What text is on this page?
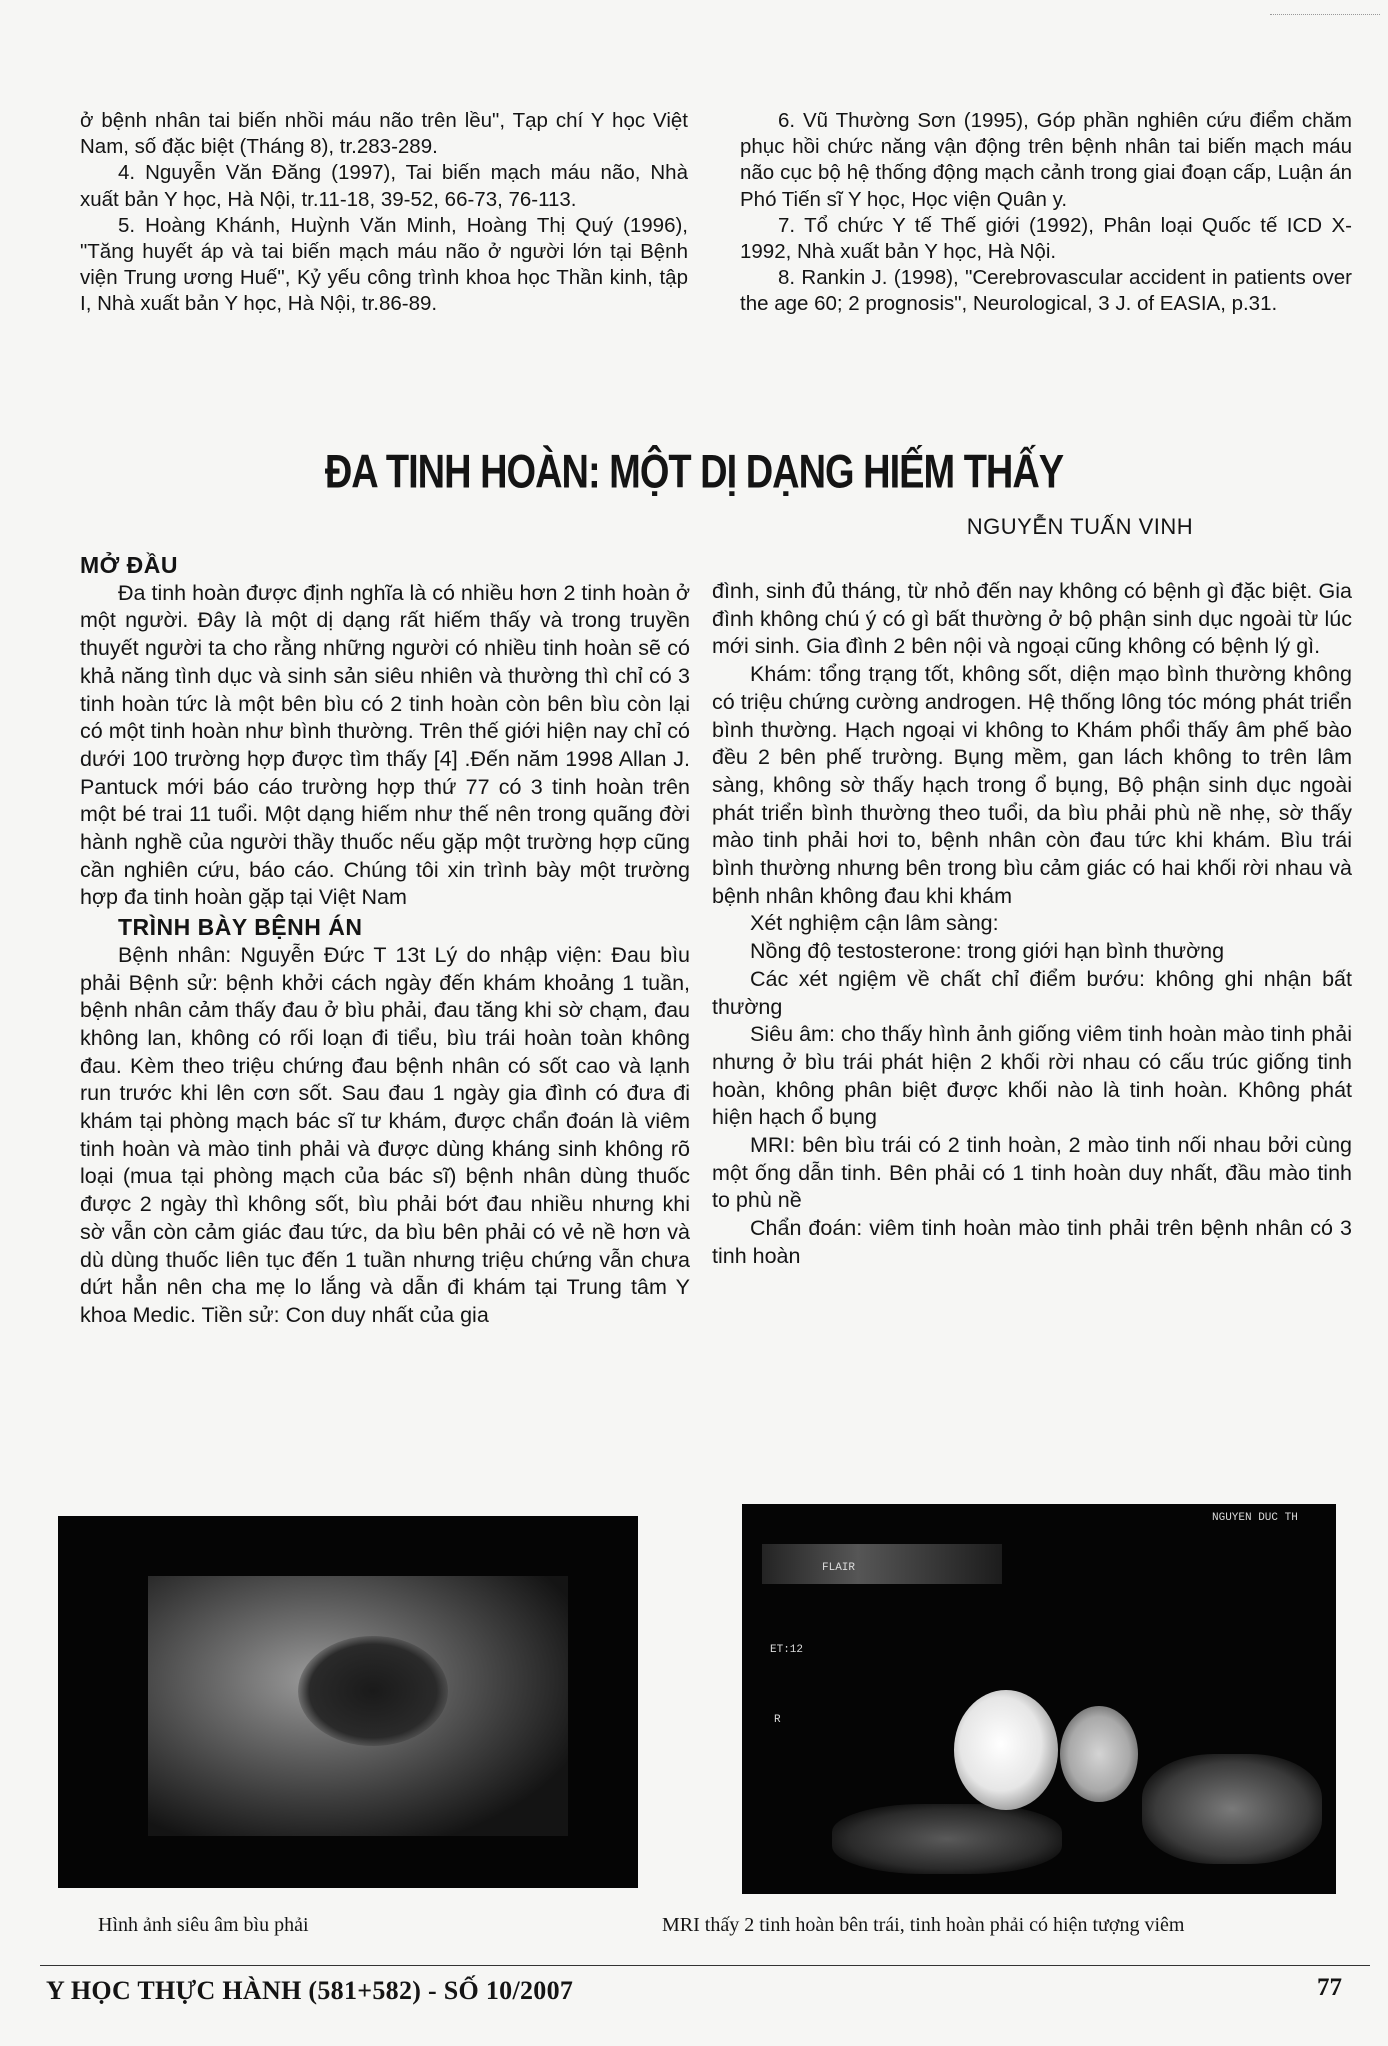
ở bệnh nhân tai biến nhồi máu não trên lều", Tạp chí Y học Việt Nam, số đặc biệt (Tháng 8), tr.283-289.

4. Nguyễn Văn Đăng (1997), Tai biến mạch máu não, Nhà xuất bản Y học, Hà Nội, tr.11-18, 39-52, 66-73, 76-113.

5. Hoàng Khánh, Huỳnh Văn Minh, Hoàng Thị Quý (1996), "Tăng huyết áp và tai biến mạch máu não ở người lớn tại Bệnh viện Trung ương Huế", Kỷ yếu công trình khoa học Thần kinh, tập I, Nhà xuất bản Y học, Hà Nội, tr.86-89.

6. Vũ Thường Sơn (1995), Góp phần nghiên cứu điểm chăm phục hồi chức năng vận động trên bệnh nhân tai biến mạch máu não cục bộ hệ thống động mạch cảnh trong giai đoạn cấp, Luận án Phó Tiến sĩ Y học, Học viện Quân y.

7. Tổ chức Y tế Thế giới (1992), Phân loại Quốc tế ICD X-1992, Nhà xuất bản Y học, Hà Nội.

8. Rankin J. (1998), "Cerebrovascular accident in patients over the age 60; 2 prognosis", Neurological, 3 J. of EASIA, p.31.

ĐA TINH HOÀN: MỘT DỊ DẠNG HIẾM THẤY
NGUYỄN TUẤN VINH

MỞ ĐẦU

Đa tinh hoàn được định nghĩa là có nhiều hơn 2 tinh hoàn ở một người. Đây là một dị dạng rất hiếm thấy và trong truyền thuyết người ta cho rằng những người có nhiều tinh hoàn sẽ có khả năng tình dục và sinh sản siêu nhiên và thường thì chỉ có 3 tinh hoàn tức là một bên bìu có 2 tinh hoàn còn bên bìu còn lại có một tinh hoàn như bình thường. Trên thế giới hiện nay chỉ có dưới 100 trường hợp được tìm thấy [4] .Đến năm 1998 Allan J. Pantuck mới báo cáo trường hợp thứ 77 có 3 tinh hoàn trên một bé trai 11 tuổi. Một dạng hiếm như thế nên trong quãng đời hành nghề của người thầy thuốc nếu gặp một trường hợp cũng cần nghiên cứu, báo cáo. Chúng tôi xin trình bày một trường hợp đa tinh hoàn gặp tại Việt Nam

TRÌNH BÀY BỆNH ÁN

Bệnh nhân: Nguyễn Đức T 13t Lý do nhập viện: Đau bìu phải Bệnh sử: bệnh khởi cách ngày đến khám khoảng 1 tuần, bệnh nhân cảm thấy đau ở bìu phải, đau tăng khi sờ chạm, đau không lan, không có rối loạn đi tiểu, bìu trái hoàn toàn không đau. Kèm theo triệu chứng đau bệnh nhân có sốt cao và lạnh run trước khi lên cơn sốt. Sau đau 1 ngày gia đình có đưa đi khám tại phòng mạch bác sĩ tư khám, được chẩn đoán là viêm tinh hoàn và mào tinh phải và được dùng kháng sinh không rõ loại (mua tại phòng mạch của bác sĩ) bệnh nhân dùng thuốc được 2 ngày thì không sốt, bìu phải bớt đau nhiều nhưng khi sờ vẫn còn cảm giác đau tức, da bìu bên phải có vẻ nề hơn và dù dùng thuốc liên tục đến 1 tuần nhưng triệu chứng vẫn chưa dứt hẳn nên cha mẹ lo lắng và dẫn đi khám tại Trung tâm Y khoa Medic. Tiền sử: Con duy nhất của gia

đình, sinh đủ tháng, từ nhỏ đến nay không có bệnh gì đặc biệt. Gia đình không chú ý có gì bất thường ở bộ phận sinh dục ngoài từ lúc mới sinh. Gia đình 2 bên nội và ngoại cũng không có bệnh lý gì.

Khám: tổng trạng tốt, không sốt, diện mạo bình thường không có triệu chứng cường androgen. Hệ thống lông tóc móng phát triển bình thường. Hạch ngoại vi không to Khám phổi thấy âm phế bào đều 2 bên phế trường. Bụng mềm, gan lách không to trên lâm sàng, không sờ thấy hạch trong ổ bụng, Bộ phận sinh dục ngoài phát triển bình thường theo tuổi, da bìu phải phù nề nhẹ, sờ thấy mào tinh phải hơi to, bệnh nhân còn đau tức khi khám. Bìu trái bình thường nhưng bên trong bìu cảm giác có hai khối rời nhau và bệnh nhân không đau khi khám

Xét nghiệm cận lâm sàng:

Nồng độ testosterone: trong giới hạn bình thường

Các xét ngiệm về chất chỉ điểm bướu: không ghi nhận bất thường

Siêu âm: cho thấy hình ảnh giống viêm tinh hoàn mào tinh phải nhưng ở bìu trái phát hiện 2 khối rời nhau có cấu trúc giống tinh hoàn, không phân biệt được khối nào là tinh hoàn. Không phát hiện hạch ổ bụng

MRI: bên bìu trái có 2 tinh hoàn, 2 mào tinh nối nhau bởi cùng một ống dẫn tinh. Bên phải có 1 tinh hoàn duy nhất, đầu mào tinh to phù nề

Chẩn đoán: viêm tinh hoàn mào tinh phải trên bệnh nhân có 3 tinh hoàn

NGUYEN DUC TH
FLAIR
ET:12
R
Hình ảnh siêu âm bìu phải	MRI thấy 2 tinh hoàn bên trái, tinh hoàn phải có hiện tượng viêm
Y HỌC THỰC HÀNH (581+582) - SỐ 10/2007	77
